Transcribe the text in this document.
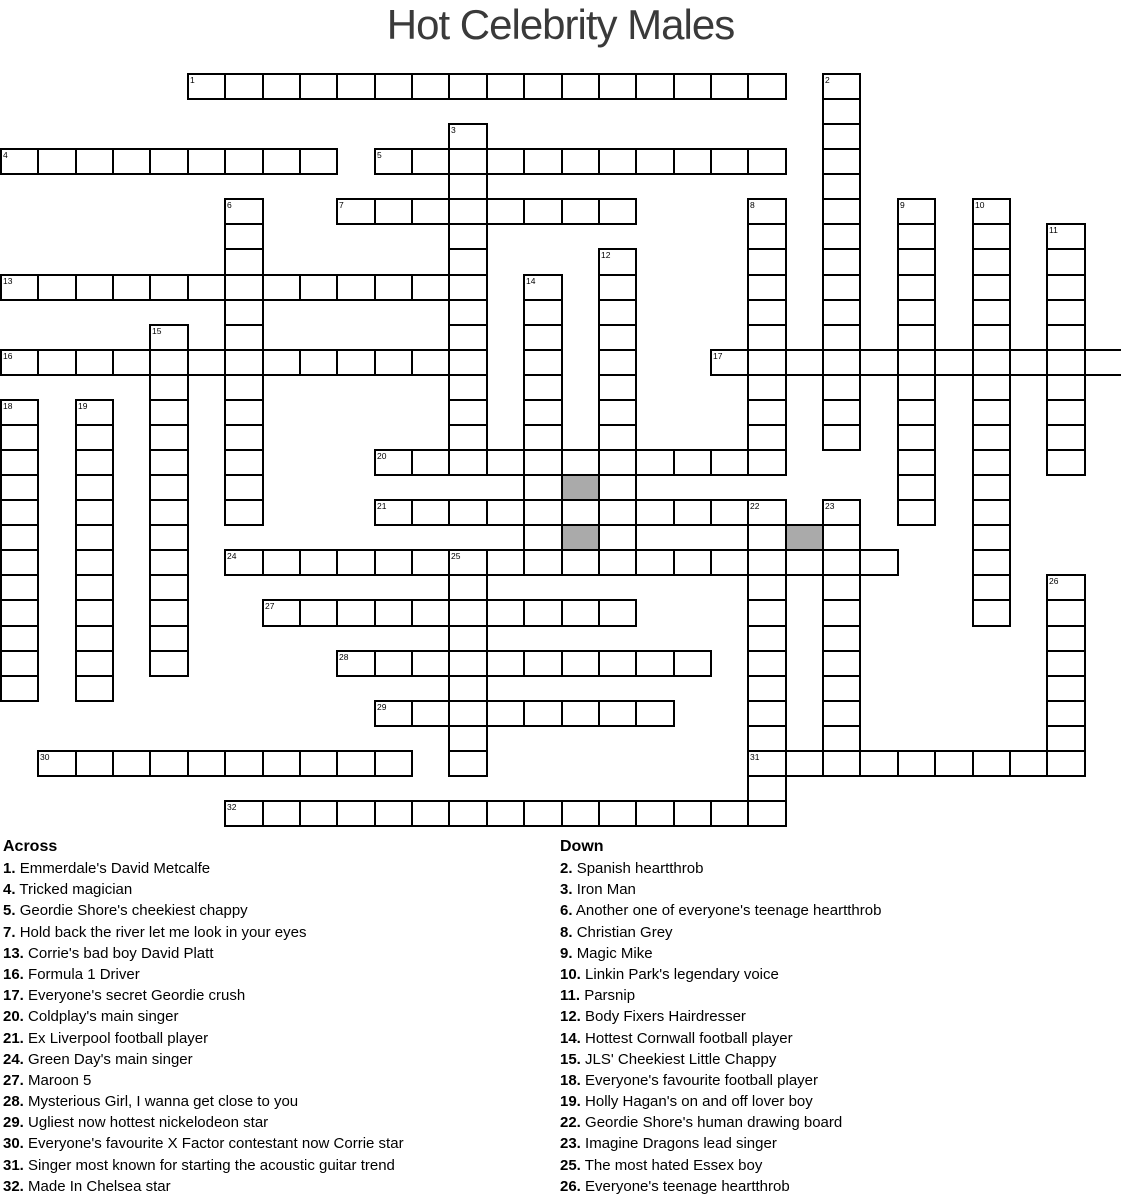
Hot Celebrity Males
1	2
3
4	5
6	7	8	9	10
11
12
13	14
15
16	17
18	19
20
21	22	23
24	25
26
27
28
29
30	31
32
Across
1. Emmerdale's David Metcalfe
4. Tricked magician
5. Geordie Shore's cheekiest chappy
7. Hold back the river let me look in your eyes
13. Corrie's bad boy David Platt
16. Formula 1 Driver
17. Everyone's secret Geordie crush
20. Coldplay's main singer
21. Ex Liverpool football player
24. Green Day's main singer
27. Maroon 5
28. Mysterious Girl, I wanna get close to you
29. Ugliest now hottest nickelodeon star
30. Everyone's favourite X Factor contestant now Corrie star
31. Singer most known for starting the acoustic guitar trend
32. Made In Chelsea star
Down
2. Spanish heartthrob
3. Iron Man
6. Another one of everyone's teenage heartthrob
8. Christian Grey
9. Magic Mike
10. Linkin Park's legendary voice
11. Parsnip
12. Body Fixers Hairdresser
14. Hottest Cornwall football player
15. JLS' Cheekiest Little Chappy
18. Everyone's favourite football player
19. Holly Hagan's on and off lover boy
22. Geordie Shore's human drawing board
23. Imagine Dragons lead singer
25. The most hated Essex boy
26. Everyone's teenage heartthrob
